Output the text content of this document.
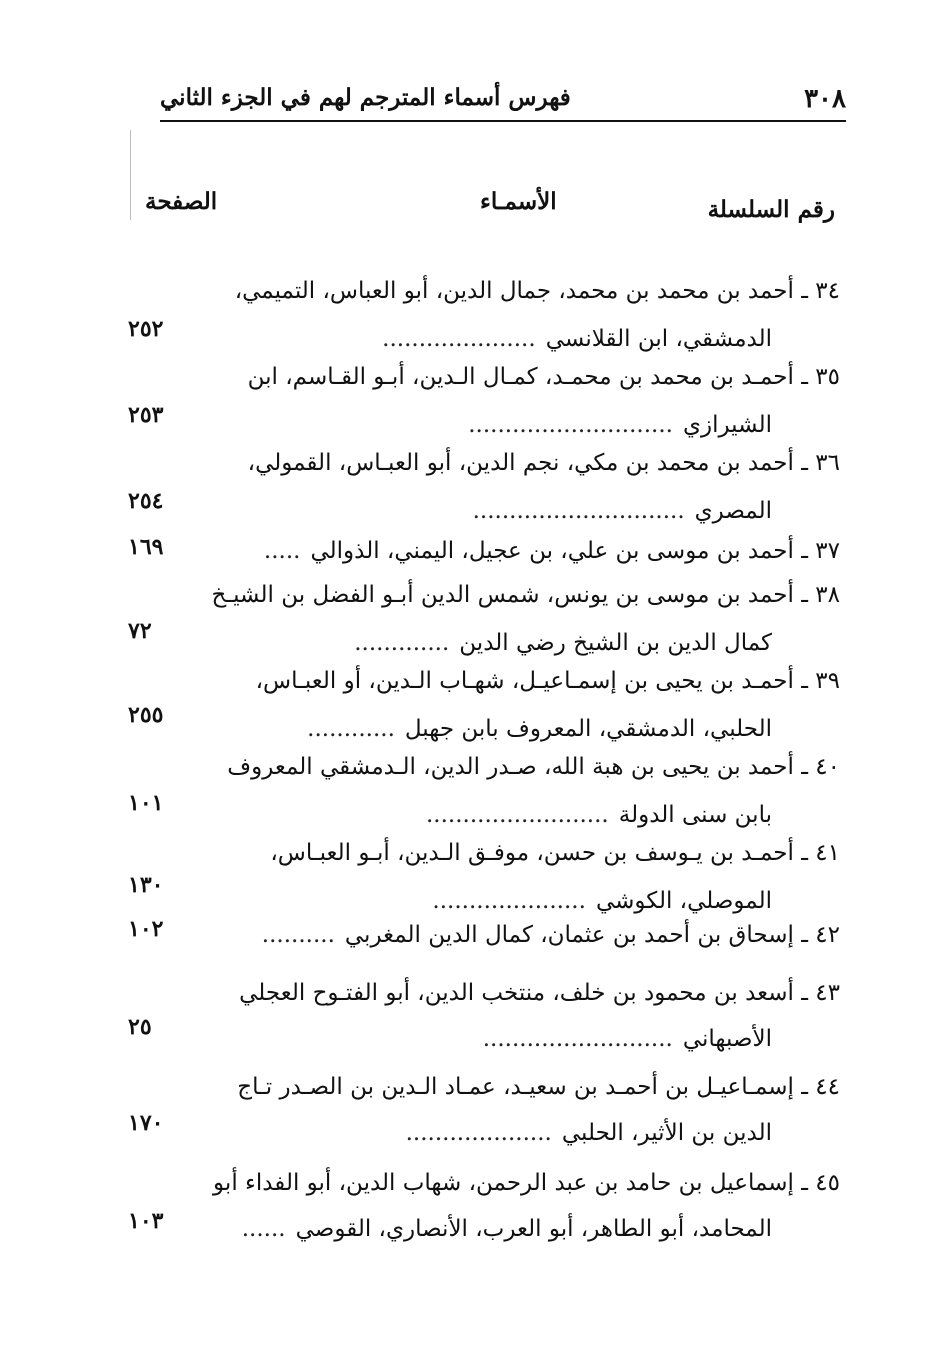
٣٠٨
فهرس أسماء المترجم لهم في الجزء الثاني
رقم السلسلة
الأسمـاء
الصفحة
٣٤ ـ أحمد بن محمد بن محمد، جمال الدين، أبو العباس، التميمي،
الدمشقي، ابن القلانسي.....................
٢٥٢
٣٥ ـ أحمـد بن محمد بن محمـد، كمـال الـدين، أبـو القـاسم، ابن
الشيرازي............................
٢٥٣
٣٦ ـ أحمد بن محمد بن مكي، نجم الدين، أبو العبـاس، القمولي،
المصري.............................
٢٥٤
٣٧ ـ أحمد بن موسى بن علي، بن عجيل، اليمني، الذوالي.....
١٦٩
٣٨ ـ أحمد بن موسى بن يونس، شمس الدين أبـو الفضل بن الشيـخ
كمال الدين بن الشيخ رضي الدين.............
٧٢
٣٩ ـ أحمـد بن يحيى بن إسمـاعيـل، شهـاب الـدين، أو العبـاس،
الحلبي، الدمشقي، المعروف بابن جهبل............
٢٥٥
٤٠ ـ أحمد بن يحيى بن هبة الله، صـدر الدين، الـدمشقي المعروف
بابن سنى الدولة.........................
١٠١
٤١ ـ أحمـد بن يـوسف بن حسن، موفـق الـدين، أبـو العبـاس،
الموصلي، الكوشي.....................
١٣٠
٤٢ ـ إسحاق بن أحمد بن عثمان، كمال الدين المغربي..........
١٠٢
٤٣ ـ أسعد بن محمود بن خلف، منتخب الدين، أبو الفتـوح العجلي
الأصبهاني..........................
٢٥
٤٤ ـ إسمـاعيـل بن أحمـد بن سعيـد، عمـاد الـدين بن الصـدر تـاج
الدين بن الأثير، الحلبي....................
١٧٠
٤٥ ـ إسماعيل بن حامد بن عبد الرحمن، شهاب الدين، أبو الفداء أبو
المحامد، أبو الطاهر، أبو العرب، الأنصاري، القوصي......
١٠٣
